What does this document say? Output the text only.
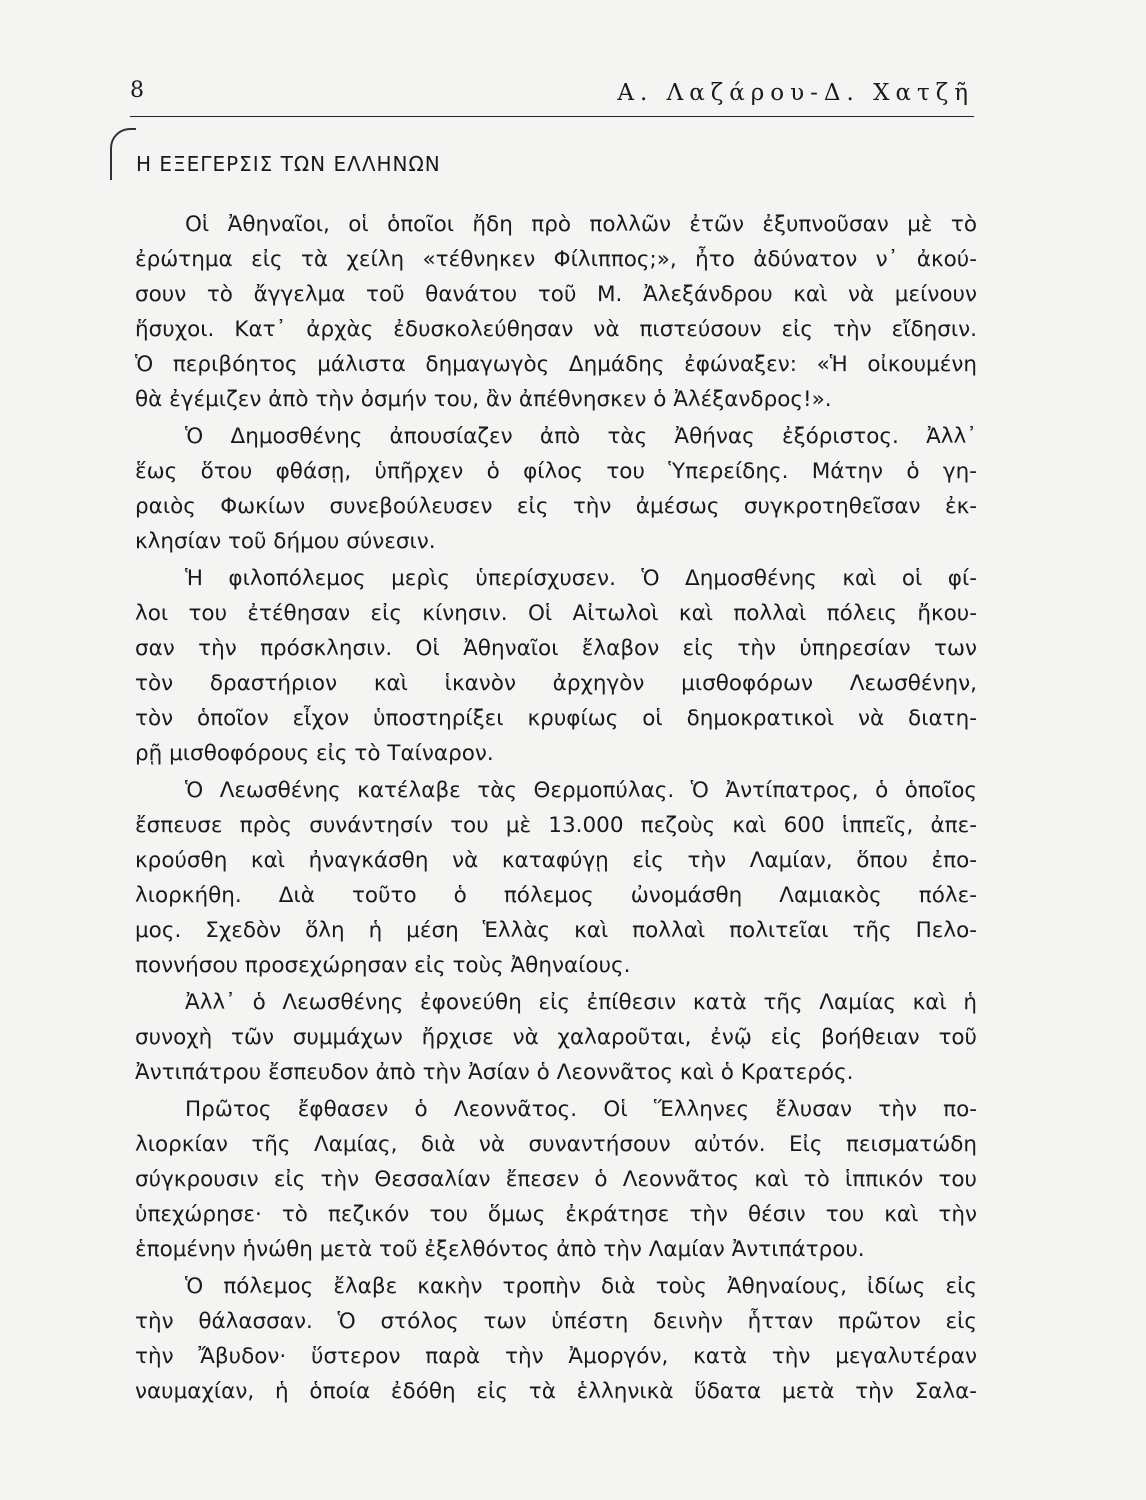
8	Α. Λαζάρου-Δ. Χατζῆ
Η ΕΞΕΓΕΡΣΙΣ ΤΩΝ ΕΛΛΗΝΩΝ
Οἱ Ἀθηναῖοι, οἱ ὁποῖοι ἤδη πρὸ πολλῶν ἐτῶν ἐξυπνοῦσαν μὲ τὸ
ἐρώτημα εἰς τὰ χείλη «τέθνηκεν Φίλιππος;», ἦτο ἀδύνατον ν᾽ ἀκού-
σουν τὸ ἄγγελμα τοῦ θανάτου τοῦ Μ. Ἀλεξάνδρου καὶ νὰ μείνουν
ἥσυχοι. Κατ᾽ ἀρχὰς ἐδυσκολεύθησαν νὰ πιστεύσουν εἰς τὴν εἴδησιν.
Ὁ περιβόητος μάλιστα δημαγωγὸς Δημάδης ἐφώναξεν: «Ἡ οἰκουμένη
θὰ ἐγέμιζεν ἀπὸ τὴν ὀσμήν του, ἂν ἀπέθνησκεν ὁ Ἀλέξανδρος!».
Ὁ Δημοσθένης ἀπουσίαζεν ἀπὸ τὰς Ἀθήνας ἐξόριστος. Ἀλλ᾽
ἕως ὅτου φθάσῃ, ὑπῆρχεν ὁ φίλος του Ὑπερείδης. Μάτην ὁ γη-
ραιὸς Φωκίων συνεβούλευσεν εἰς τὴν ἀμέσως συγκροτηθεῖσαν ἐκ-
κλησίαν τοῦ δήμου σύνεσιν.
Ἡ φιλοπόλεμος μερὶς ὑπερίσχυσεν. Ὁ Δημοσθένης καὶ οἱ φί-
λοι του ἐτέθησαν εἰς κίνησιν. Οἱ Αἰτωλοὶ καὶ πολλαὶ πόλεις ἤκου-
σαν τὴν πρόσκλησιν. Οἱ Ἀθηναῖοι ἔλαβον εἰς τὴν ὑπηρεσίαν των
τὸν δραστήριον καὶ ἱκανὸν ἀρχηγὸν μισθοφόρων Λεωσθένην,
τὸν ὁποῖον εἶχον ὑποστηρίξει κρυφίως οἱ δημοκρατικοὶ νὰ διατη-
ρῇ μισθοφόρους εἰς τὸ Ταίναρον.
Ὁ Λεωσθένης κατέλαβε τὰς Θερμοπύλας. Ὁ Ἀντίπατρος, ὁ ὁποῖος
ἔσπευσε πρὸς συνάντησίν του μὲ 13.000 πεζοὺς καὶ 600 ἱππεῖς, ἀπε-
κρούσθη καὶ ἠναγκάσθη νὰ καταφύγῃ εἰς τὴν Λαμίαν, ὅπου ἐπο-
λιορκήθη. Διὰ τοῦτο ὁ πόλεμος ὠνομάσθη Λαμιακὸς πόλε-
μος. Σχεδὸν ὅλη ἡ μέση Ἑλλὰς καὶ πολλαὶ πολιτεῖαι τῆς Πελο-
ποννήσου προσεχώρησαν εἰς τοὺς Ἀθηναίους.
Ἀλλ᾽ ὁ Λεωσθένης ἐφονεύθη εἰς ἐπίθεσιν κατὰ τῆς Λαμίας καὶ ἡ
συνοχὴ τῶν συμμάχων ἤρχισε νὰ χαλαροῦται, ἐνῷ εἰς βοήθειαν τοῦ
Ἀντιπάτρου ἔσπευδον ἀπὸ τὴν Ἀσίαν ὁ Λεοννᾶτος καὶ ὁ Κρατερός.
Πρῶτος ἔφθασεν ὁ Λεοννᾶτος. Οἱ Ἕλληνες ἔλυσαν τὴν πο-
λιορκίαν τῆς Λαμίας, διὰ νὰ συναντήσουν αὐτόν. Εἰς πεισματώδη
σύγκρουσιν εἰς τὴν Θεσσαλίαν ἔπεσεν ὁ Λεοννᾶτος καὶ τὸ ἱππικόν του
ὑπεχώρησε· τὸ πεζικόν του ὅμως ἐκράτησε τὴν θέσιν του καὶ τὴν
ἑπομένην ἡνώθη μετὰ τοῦ ἐξελθόντος ἀπὸ τὴν Λαμίαν Ἀντιπάτρου.
Ὁ πόλεμος ἔλαβε κακὴν τροπὴν διὰ τοὺς Ἀθηναίους, ἰδίως εἰς
τὴν θάλασσαν. Ὁ στόλος των ὑπέστη δεινὴν ἧτταν πρῶτον εἰς
τὴν Ἄβυδον· ὕστερον παρὰ τὴν Ἀμοργόν, κατὰ τὴν μεγαλυτέραν
ναυμαχίαν, ἡ ὁποία ἐδόθη εἰς τὰ ἑλληνικὰ ὕδατα μετὰ τὴν Σαλα-
